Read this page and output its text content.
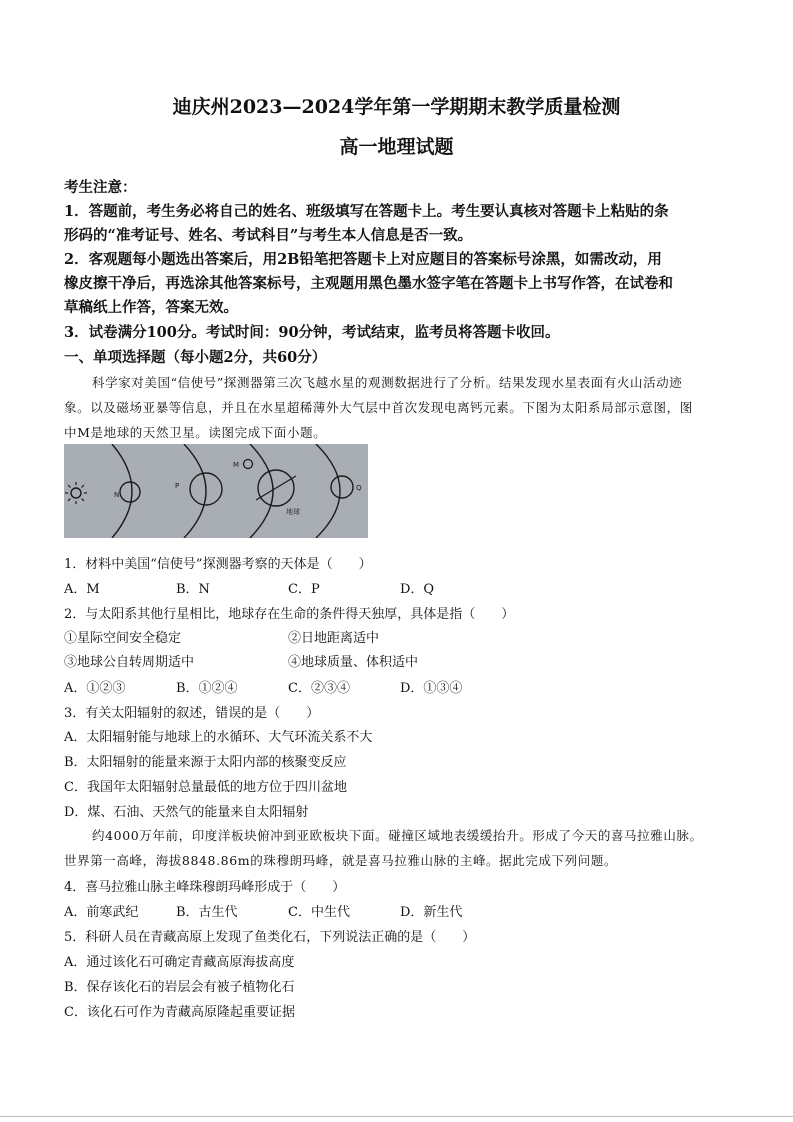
迪庆州2023—2024学年第一学期期末教学质量检测
高一地理试题
考生注意：
1．答题前，考生务必将自己的姓名、班级填写在答题卡上。考生要认真核对答题卡上粘贴的条
形码的“准考证号、姓名、考试科目”与考生本人信息是否一致。
2．客观题每小题选出答案后，用2B铅笔把答题卡上对应题目的答案标号涂黑，如需改动，用
橡皮擦干净后，再选涂其他答案标号，主观题用黑色墨水签字笔在答题卡上书写作答，在试卷和
草稿纸上作答，答案无效。
3．试卷满分100分。考试时间：90分钟，考试结束，监考员将答题卡收回。
一、单项选择题（每小题2分，共60分）
科学家对美国“信使号”探测器第三次飞越水星的观测数据进行了分析。结果发现水星表面有火山活动迹
象。以及磁场亚暴等信息，并且在水星超稀薄外大气层中首次发现电离钙元素。下图为太阳系局部示意图，图
中M是地球的天然卫星。读图完成下面小题。
N
P
M
Q
地球
1．材料中美国“信使号”探测器考察的天体是（　　）
A．M	B．N	C．P	D．Q
2．与太阳系其他行星相比，地球存在生命的条件得天独厚，具体是指（　　）
①星际空间安全稳定	②日地距离适中
③地球公自转周期适中	④地球质量、体积适中
A．①②③	B．①②④	C．②③④	D．①③④
3．有关太阳辐射的叙述，错误的是（　　）
A．太阳辐射能与地球上的水循环、大气环流关系不大
B．太阳辐射的能量来源于太阳内部的核聚变反应
C．我国年太阳辐射总量最低的地方位于四川盆地
D．煤、石油、天然气的能量来自太阳辐射
约4000万年前，印度洋板块俯冲到亚欧板块下面。碰撞区域地表缓缓抬升。形成了今天的喜马拉雅山脉。
世界第一高峰，海拔8848.86m的珠穆朗玛峰，就是喜马拉雅山脉的主峰。据此完成下列问题。
4．喜马拉雅山脉主峰珠穆朗玛峰形成于（　　）
A．前寒武纪	B．古生代	C．中生代	D．新生代
5．科研人员在青藏高原上发现了鱼类化石，下列说法正确的是（　　）
A．通过该化石可确定青藏高原海拔高度
B．保存该化石的岩层会有被子植物化石
C．该化石可作为青藏高原隆起重要证据
